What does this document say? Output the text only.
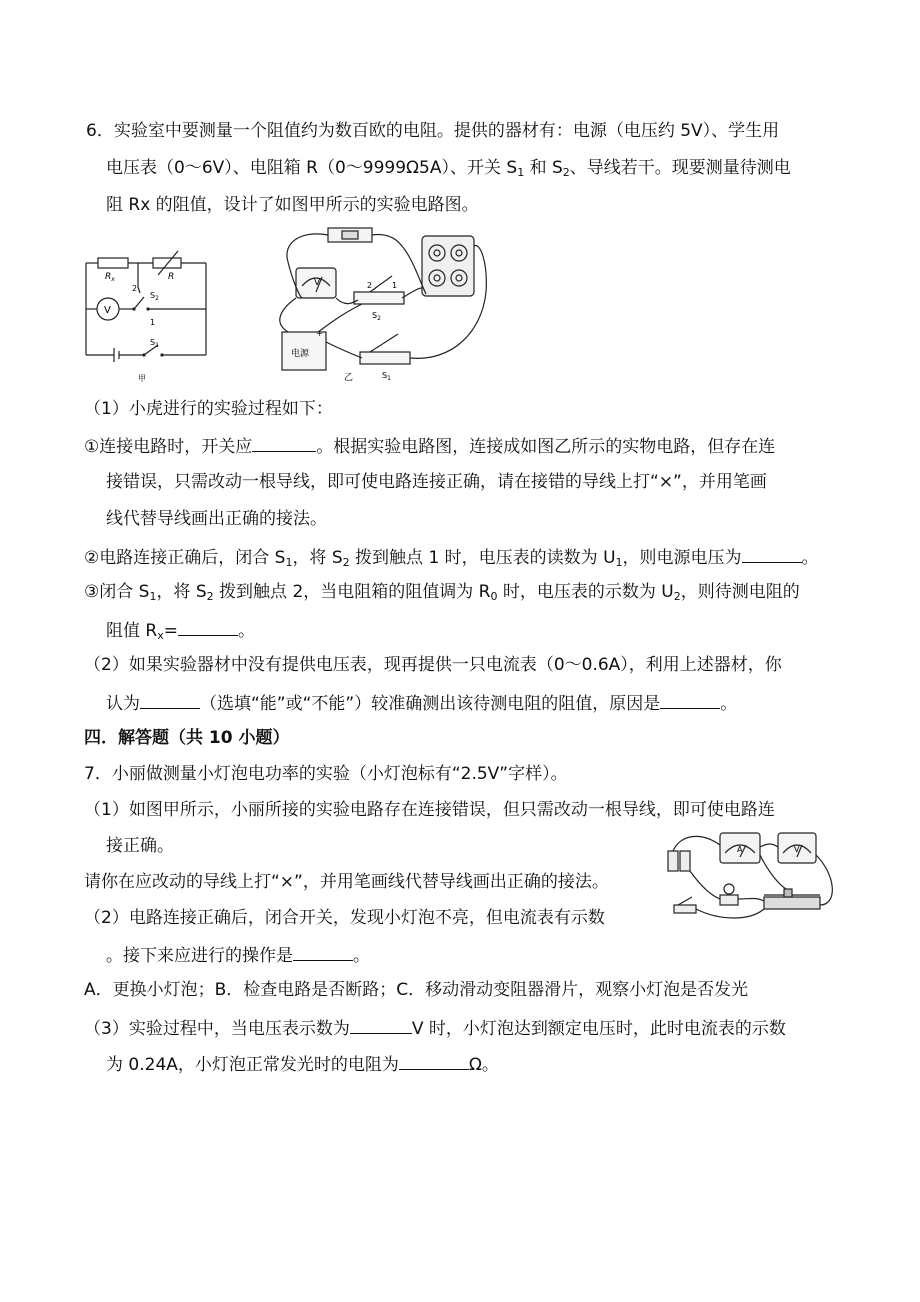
6．实验室中要测量一个阻值约为数百欧的电阻。提供的器材有：电源（电压约 5V）、学生用
电压表（0～6V）、电阻箱 R（0～9999Ω5A）、开关 $S_1$ 和 $S_2$、导线若干。现要测量待测电
阻 Rx 的阻值，设计了如图甲所示的实验电路图。
$R_x$	R
V
2
$S_2$
1
$S_1$
甲
V
电源
+
2 1
$S_2$
$S_1$
乙
（1）小虎进行的实验过程如下：
①连接电路时，开关应	。根据实验电路图，连接成如图乙所示的实物电路，但存在连
接错误，只需改动一根导线，即可使电路连接正确，请在接错的导线上打“×”，并用笔画
线代替导线画出正确的接法。
②电路连接正确后，闭合 $S_1$，将 $S_2$ 拨到触点 1 时，电压表的读数为 $U_1$，则电源电压为	。
③闭合 $S_1$，将 $S_2$ 拨到触点 2，当电阻箱的阻值调为 $R_0$ 时，电压表的示数为 $U_2$，则待测电阻的
阻值 $R_x=$	。
（2）如果实验器材中没有提供电压表，现再提供一只电流表（0～0.6A），利用上述器材，你
认为	（选填“能”或“不能”）较准确测出该待测电阻的阻值，原因是	。
四．解答题（共 10 小题）
7．小丽做测量小灯泡电功率的实验（小灯泡标有“2.5V”字样）。
（1）如图甲所示，小丽所接的实验电路存在连接错误，但只需改动一根导线，即可使电路连
接正确。
请你在应改动的导线上打“×”，并用笔画线代替导线画出正确的接法。
A	V
（2）电路连接正确后，闭合开关，发现小灯泡不亮，但电流表有示数
。接下来应进行的操作是	。
A．更换小灯泡；B．检查电路是否断路；C．移动滑动变阻器滑片，观察小灯泡是否发光
（3）实验过程中，当电压表示数为	V 时，小灯泡达到额定电压时，此时电流表的示数
为 0.24A，小灯泡正常发光时的电阻为	Ω。
